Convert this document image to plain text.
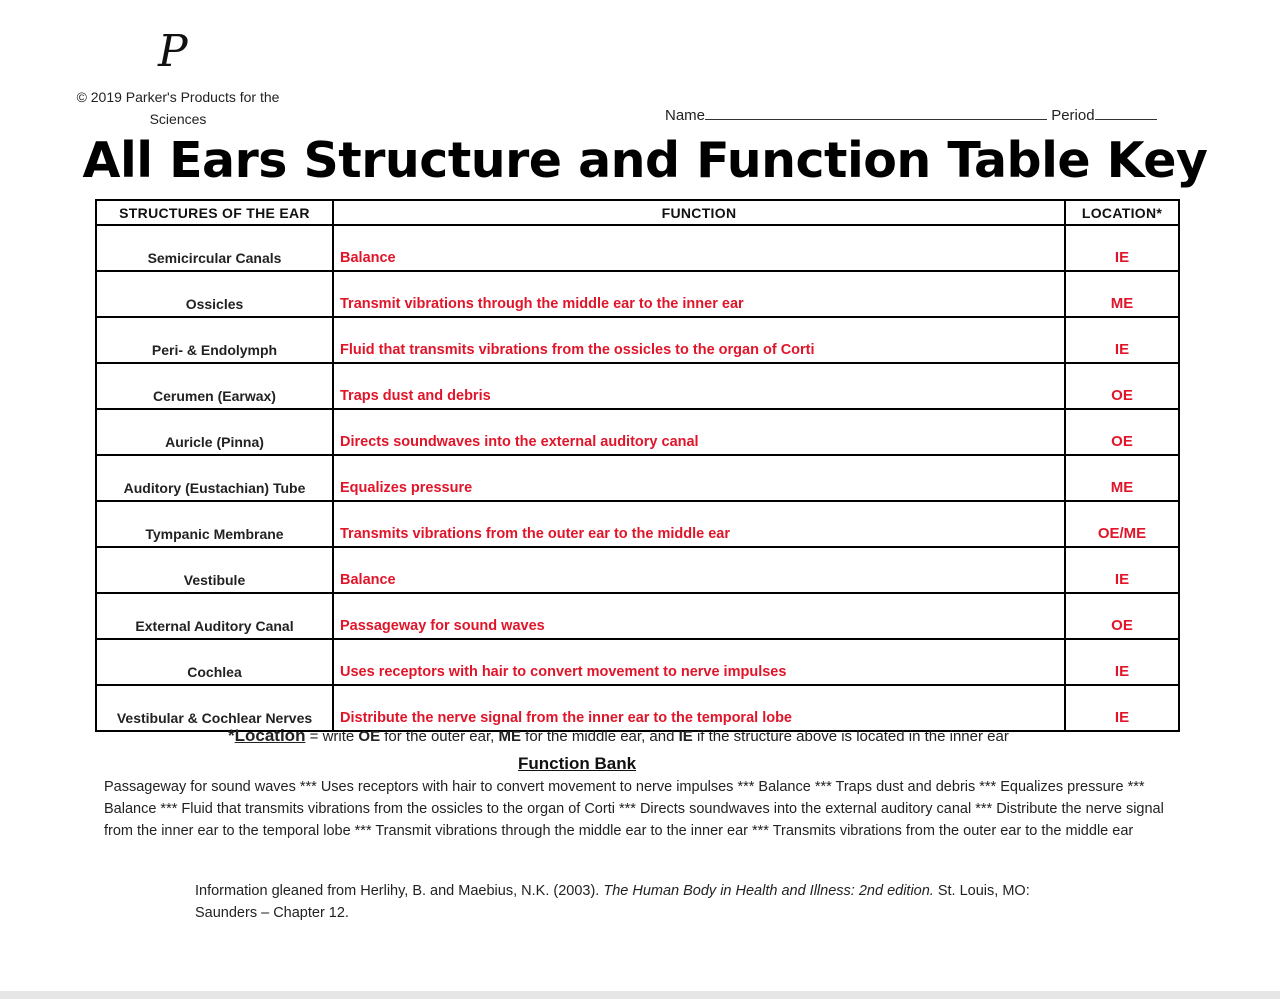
P
© 2019 Parker's Products for the
Sciences	Name	Period
All Ears Structure and Function Table Key
STRUCTURES OF THE EAR	FUNCTION	LOCATION*
Semicircular Canals	Balance	IE
Ossicles	Transmit vibrations through the middle ear to the inner ear	ME
Peri- & Endolymph	Fluid that transmits vibrations from the ossicles to the organ of Corti	IE
Cerumen (Earwax)	Traps dust and debris	OE
Auricle (Pinna)	Directs soundwaves into the external auditory canal	OE
Auditory (Eustachian) Tube	Equalizes pressure	ME
Tympanic Membrane	Transmits vibrations from the outer ear to the middle ear	OE/ME
Vestibule	Balance	IE
External Auditory Canal	Passageway for sound waves	OE
Cochlea	Uses receptors with hair to convert movement to nerve impulses	IE
Vestibular & Cochlear Nerves	Distribute the nerve signal from the inner ear to the temporal lobe	IE
*Location = write OE for the outer ear, ME for the middle ear, and IE if the structure above is located in the inner ear
Function Bank
Passageway for sound waves *** Uses receptors with hair to convert movement to nerve impulses *** Balance *** Traps dust and debris *** Equalizes pressure *** Balance *** Fluid that transmits vibrations from the ossicles to the organ of Corti *** Directs soundwaves into the external auditory canal *** Distribute the nerve signal from the inner ear to the temporal lobe *** Transmit vibrations through the middle ear to the inner ear *** Transmits vibrations from the outer ear to the middle ear
Information gleaned from Herlihy, B. and Maebius, N.K. (2003). The Human Body in Health and Illness: 2nd edition. St. Louis, MO: Saunders – Chapter 12.
